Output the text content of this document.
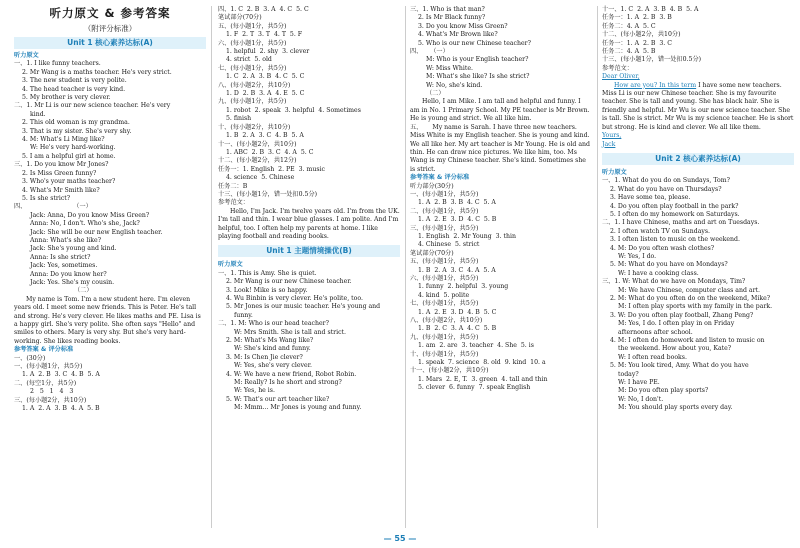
听力原文 & 参考答案
（附评分标准）
Unit 1 核心素养达标(A)

听力原文

一、1. I like funny teachers.

2. Mr Wang is a maths teacher. He's very strict.

3. The new student is very polite.

4. The head teacher is very kind.

5. My brother is very clever.

二、1. Mr Li is our new science teacher. He's very

kind.

2. This old woman is my grandma.

3. That is my sister. She's very shy.

4. M: What's Li Ming like?

W: He's very hard-working.

5. I am a helpful girl at home.

三、1. Do you know Mr Jones?

2. Is Miss Green funny?

3. Who's your maths teacher?

4. What's Mr Smith like?

5. Is she strict?

四、	（一）

Jack: Anna, Do you know Miss Green?

Anna: No, I don't. Who's she, Jack?

Jack: She will be our new English teacher.

Anna: What's she like?

Jack: She's young and kind.

Anna: Is she strict?

Jack: Yes, sometimes.

Anna: Do you know her?

Jack: Yes. She's my cousin.

（二）

My name is Tom. I'm a new student here. I'm eleven years old. I meet some new friends. This is Peter. He's tall and strong. He's very clever. He likes maths and PE. Lisa is a happy girl. She's very polite. She often says "Hello" and smiles to others. Mary is very shy. But she's very hard-working. She likes reading books.

参考答案 & 评分标准

一、(30分)

一、(每小题1分，共5分)

1. A  2. B  3. C  4. B  5. A

二、(每空1分，共5分)

2   5   1   4   3

三、(每小题2分，共10分)

1. A  2. A  3. B  4. A  5. B

四、1. C  2. B  3. A  4. C  5. C

笔试部分(70分)

五、(每小题1分，共5分)

1. F  2. T  3. T  4. T  5. F

六、(每小题1分，共5分)

1. helpful  2. shy  3. clever

4. strict  5. old

七、(每小题1分，共5分)

1. C  2. A  3. B  4. C  5. C

八、(每小题2分，共10分)

1. D  2. B  3. A  4. E  5. C

九、(每小题1分，共5分)

1. robot  2. speak  3. helpful  4. Sometimes

5. finish

十、(每小题2分，共10分)

1. B  2. A  3. C  4. B  5. A

十一、(每小题2分，共10分)

1. ABC  2. B  3. C  4. A  5. C

十二、(每小题2分，共12分)

任务一：1. English  2. PE  3. music

4. science  5. Chinese

任务二：B

十三、(每小题1分，错一处扣0.5分)

参考范文：

Hello, I'm Jack. I'm twelve years old. I'm from the UK. I'm tall and thin. I wear blue glasses. I am polite. And I'm helpful, too. I often help my parents at home. I like playing football and reading books.

Unit 1 主题情境操优(B)

听力原文

一、1. This is Amy. She is quiet.

2. Mr Wang is our new Chinese teacher.

3. Look! Mike is so happy.

4. Wu Binbin is very clever. He's polite, too.

5. Mr Jones is our music teacher. He's young and

funny.

二、1. M: Who is our head teacher?

W: Mrs Smith. She is tall and strict.

2. M: What's Ms Wang like?

W: She's kind and funny.

3. M: Is Chen Jie clever?

W: Yes, she's very clever.

4. W: We have a new friend, Robot Robin.

M: Really? Is he short and strong?

W: Yes, he is.

5. W: That's our art teacher like?

M: Mmm... Mr Jones is young and funny.

三、1. Who is that man?

2. Is Mr Black funny?

3. Do you know Miss Green?

4. What's Mr Brown like?

5. Who is our new Chinese teacher?

四、    （一）

M: Who is your English teacher?

W: Miss White.

M: What's she like? Is she strict?

W: No, she's kind.

（二）

Hello, I am Mike. I am tall and helpful and funny. I am in No. 1 Primary School. My PE teacher is Mr Brown. He is young and strict. We all like him.

五、 My name is Sarah. I have three new teachers. Miss White is my English teacher. She is young and kind. We all like her. My art teacher is Mr Young. He is old and thin. He can draw nice pictures. We like him, too. Ms Wang is my Chinese teacher. She's kind. Sometimes she is strict.

参考答案 & 评分标准

听力部分(30分)

一、(每小题1分，共5分)

1. A  2. B  3. B  4. C  5. A

二、(每小题1分，共5分)

1. A  2. E  3. D  4. C  5. B

三、(每小题1分，共5分)

1. English  2. Mr Young  3. thin

4. Chinese  5. strict

笔试部分(70分)

五、(每小题1分，共5分)

1. B  2. A  3. C  4. A  5. A

六、(每小题1分，共5分)

1. funny  2. helpful  3. young

4. kind  5. polite

七、(每小题1分，共5分)

1. A  2. E  3. D  4. B  5. C

八、(每小题2分，共10分)

1. B  2. C  3. A  4. C  5. B

九、(每小题1分，共5分)

1. am  2. are  3. teacher  4. She  5. is

十、(每小题1分，共5分)

1. speak  7. science  8. old  9. kind  10. a

十一、(每小题2分，共10分)

1. Mars  2. E, T.  3. green  4. tall and thin

5. clever  6. funny  7. speak English

十一、1. C  2. A  3. B  4. B  5. A

任务一：1. A  2. B  3. B

任务二：4. A  5. C

十二、(每小题2分，共10分)

任务一：1. A  2. B  3. C

任务二：4. A  5. B

十三、(每小题1分，错一处扣0.5分)

参考范文：

Dear Oliver,

How are you? In this term I have some new teachers. Miss Li is our new Chinese teacher. She is my favourite teacher. She is tall and young. She has black hair. She is friendly and helpful. Mr Wu is our new science teacher. She is tall. She is strict. Mr Wu is my science teacher. He is short but strong. He is kind and clever. We all like them.

Yours,

Jack

Unit 2 核心素养达标(A)

听力原文

一、1. What do you do on Sundays, Tom?

2. What do you have on Thursdays?

3. Have some tea, please.

4. Do you often play football in the park?

5. I often do my homework on Saturdays.

二、1. I have Chinese, maths and art on Tuesdays.

2. I often watch TV on Sundays.

3. I often listen to music on the weekend.

4. M: Do you often wash clothes?

W: Yes, I do.

5. M: What do you have on Mondays?

W: I have a cooking class.

三、1. W: What do we have on Mondays, Tim?

M: We have Chinese, computer class and art.

2. M: What do you often do on the weekend, Mike?

M: I often play sports with my family in the park.

3. W: Do you often play football, Zhang Peng?

M: Yes, I do. I often play in on Friday

afternoons after school.

4. M: I often do homework and listen to music on

the weekend. How about you, Kate?

W: I often read books.

5. M: You look tired, Amy. What do you have

today?

W: I have PE.

M: Do you often play sports?

W: No, I don't.

M: You should play sports every day.

— 55 —
